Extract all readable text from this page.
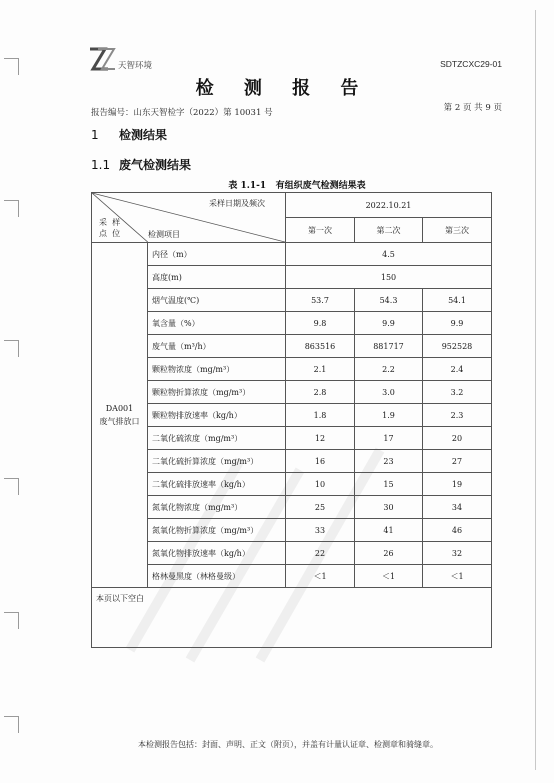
天智环境	SDTZCXC29-01
检 测 报 告
报告编号：山东天智检字（2022）第 10031 号	第 2 页 共 9 页
1 检测结果
1.1 废气检测结果
表 1.1-1 有组织废气检测结果表
采样日期及频次
采  样
点  位 检测项目		2022.10.21		
		第一次	第二次	第三次
DA001
废气排放口	内径（m）	4.5		
	高度(m)	150		
	烟气温度(℃)	53.7	54.3	54.1
	氧含量（%）	9.8	9.9	9.9
	废气量（m³/h）	863516	881717	952528
	颗粒物浓度（mg/m³）	2.1	2.2	2.4
	颗粒物折算浓度（mg/m³）	2.8	3.0	3.2
	颗粒物排放速率（kg/h）	1.8	1.9	2.3
	二氧化硫浓度（mg/m³）	12	17	20
	二氧化硫折算浓度（mg/m³）	16	23	27
	二氧化硫排放速率（kg/h）	10	15	19
	氮氧化物浓度（mg/m³）	25	30	34
	氮氧化物折算浓度（mg/m³）	33	41	46
	氮氧化物排放速率（kg/h）	22	26	32
	格林曼黑度（林格曼级）	＜1	＜1	＜1
本页以下空白				
本检测报告包括：封面、声明、正文（附页），并盖有计量认证章、检测章和骑缝章。
